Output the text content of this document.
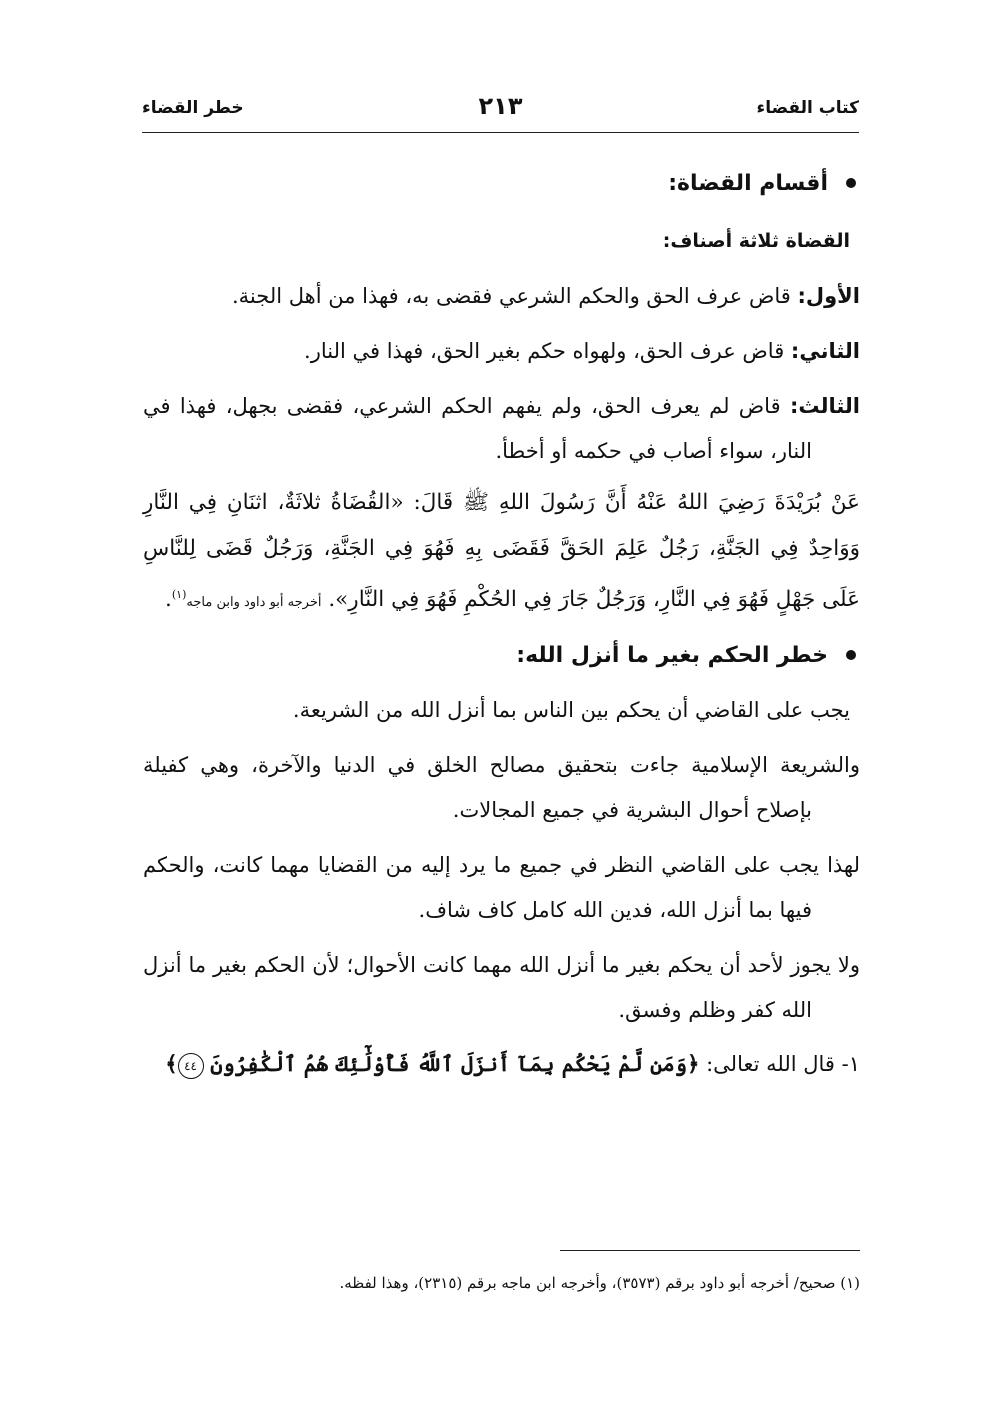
كتاب القضاء
٢١٣
خطر القضاء
أقسام القضاة:
القضاة ثلاثة أصناف:

الأول: قاض عرف الحق والحكم الشرعي فقضى به، فهذا من أهل الجنة.

الثاني: قاض عرف الحق، ولهواه حكم بغير الحق، فهذا في النار.

الثالث: قاض لم يعرف الحق، ولم يفهم الحكم الشرعي، فقضى بجهل، فهذا في النار، سواء أصاب في حكمه أو أخطأ.

عَنْ بُرَيْدَةَ رَضِيَ اللهُ عَنْهُ أَنَّ رَسُولَ اللهِ ﷺ قَالَ: «القُضَاةُ ثلاثَةٌ، اثنَانِ فِي النَّارِ وَوَاحِدٌ فِي الجَنَّةِ، رَجُلٌ عَلِمَ الحَقَّ فَقَضَى بِهِ فَهُوَ فِي الجَنَّةِ، وَرَجُلٌ قَضَى لِلنَّاسِ عَلَى جَهْلٍ فَهُوَ فِي النَّارِ، وَرَجُلٌ جَارَ فِي الحُكْمِ فَهُوَ فِي النَّارِ». أخرجه أبو داود وابن ماجه$^{(١)}$.

خطر الحكم بغير ما أنزل الله:

يجب على القاضي أن يحكم بين الناس بما أنزل الله من الشريعة.

والشريعة الإسلامية جاءت بتحقيق مصالح الخلق في الدنيا والآخرة، وهي كفيلة بإصلاح أحوال البشرية في جميع المجالات.

لهذا يجب على القاضي النظر في جميع ما يرد إليه من القضايا مهما كانت، والحكم فيها بما أنزل الله، فدين الله كامل كاف شاف.

ولا يجوز لأحد أن يحكم بغير ما أنزل الله مهما كانت الأحوال؛ لأن الحكم بغير ما أنزل الله كفر وظلم وفسق.

١- قال الله تعالى: ﴿وَمَن لَّمْ يَحْكُم بِمَآ أَنزَلَ ٱللَّهُ فَأُوْلَٰٓئِكَ هُمُ ٱلْكَٰفِرُونَ ٤٤﴾
(١) صحيح/ أخرجه أبو داود برقم (٣٥٧٣)، وأخرجه ابن ماجه برقم (٢٣١٥)، وهذا لفظه.
